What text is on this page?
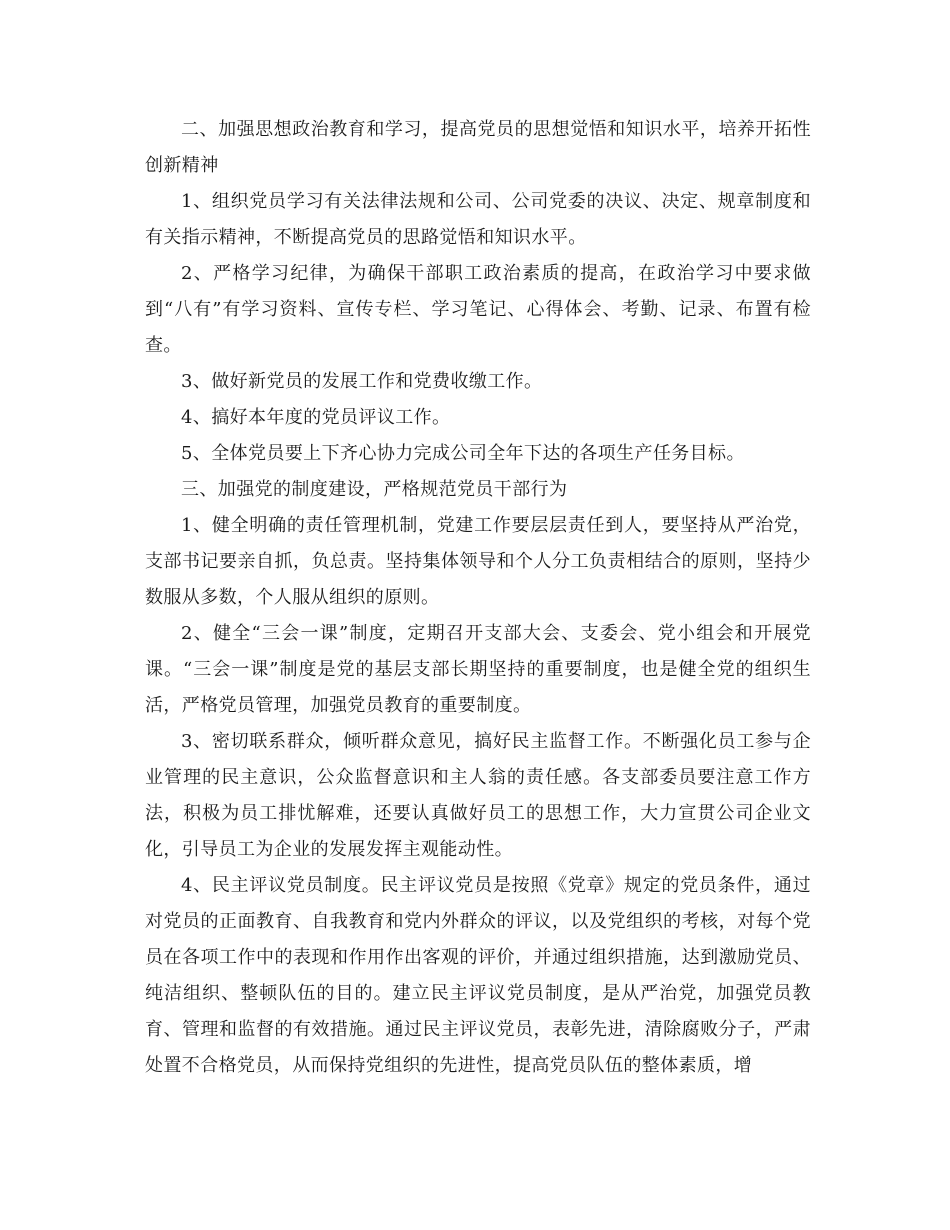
二、加强思想政治教育和学习，提高党员的思想觉悟和知识水平，培养开拓性创新精神

1、组织党员学习有关法律法规和公司、公司党委的决议、决定、规章制度和有关指示精神，不断提高党员的思路觉悟和知识水平。

2、严格学习纪律，为确保干部职工政治素质的提高，在政治学习中要求做到“八有”有学习资料、宣传专栏、学习笔记、心得体会、考勤、记录、布置有检查。

3、做好新党员的发展工作和党费收缴工作。

4、搞好本年度的党员评议工作。

5、全体党员要上下齐心协力完成公司全年下达的各项生产任务目标。

三、加强党的制度建设，严格规范党员干部行为

1、健全明确的责任管理机制，党建工作要层层责任到人，要坚持从严治党，支部书记要亲自抓，负总责。坚持集体领导和个人分工负责相结合的原则，坚持少数服从多数，个人服从组织的原则。

2、健全“三会一课”制度，定期召开支部大会、支委会、党小组会和开展党课。“三会一课”制度是党的基层支部长期坚持的重要制度，也是健全党的组织生活，严格党员管理，加强党员教育的重要制度。

3、密切联系群众，倾听群众意见，搞好民主监督工作。不断强化员工参与企业管理的民主意识，公众监督意识和主人翁的责任感。各支部委员要注意工作方法，积极为员工排忧解难，还要认真做好员工的思想工作，大力宣贯公司企业文化，引导员工为企业的发展发挥主观能动性。

4、民主评议党员制度。民主评议党员是按照《党章》规定的党员条件，通过对党员的正面教育、自我教育和党内外群众的评议，以及党组织的考核，对每个党员在各项工作中的表现和作用作出客观的评价，并通过组织措施，达到激励党员、纯洁组织、整顿队伍的目的。建立民主评议党员制度，是从严治党，加强党员教育、管理和监督的有效措施。通过民主评议党员，表彰先进，清除腐败分子，严肃处置不合格党员，从而保持党组织的先进性，提高党员队伍的整体素质，增
